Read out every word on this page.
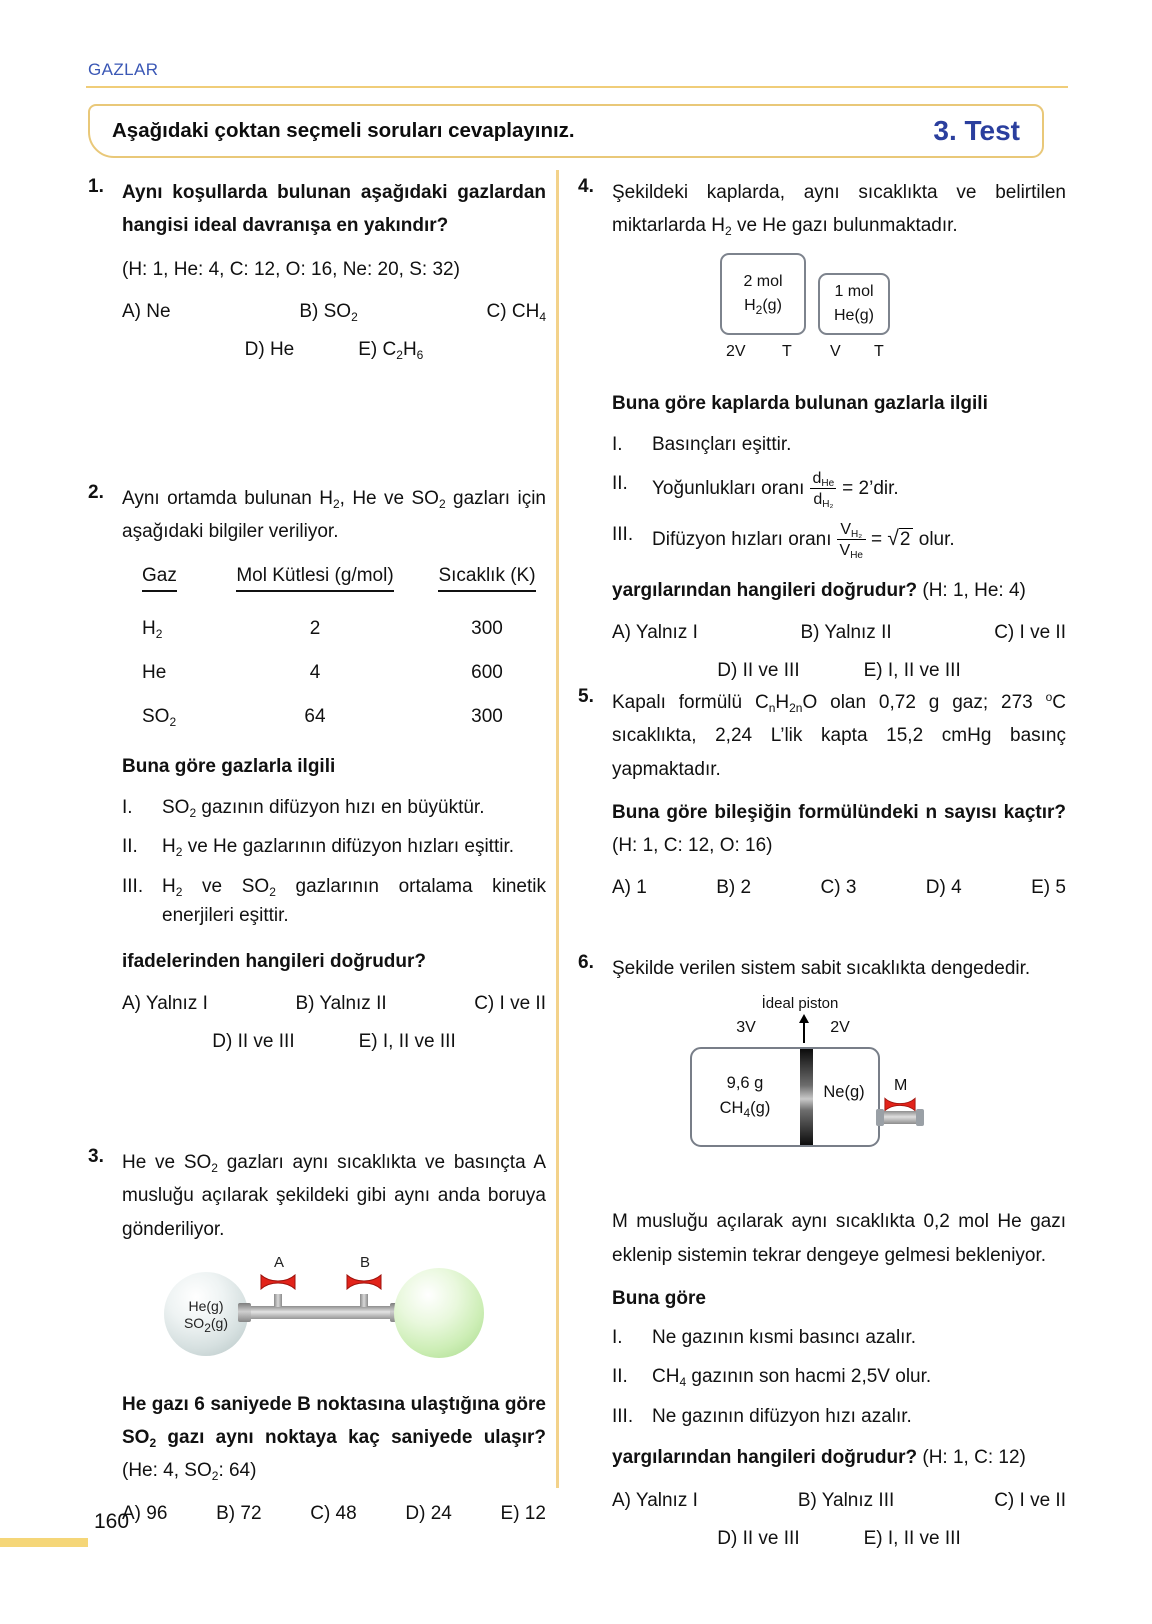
GAZLAR
Aşağıdaki çoktan seçmeli soruları cevaplayınız.	3. Test
1. Aynı koşullarda bulunan aşağıdaki gazlardan hangisi ideal davranışa en yakındır?

(H: 1, He: 4, C: 12, O: 16, Ne: 20, S: 32)

A) Ne	B) $SO_2$	C) $CH_4$
D) He	E) $C_2H_6$
2. Aynı ortamda bulunan $H_2$, He ve $SO_2$ gazları için aşağıdaki bilgiler veriliyor.

Gaz	Mol Kütlesi (g/mol)	Sıcaklık (K)
$H_2$	2	300
He	4	600
$SO_2$	64	300

Buna göre gazlarla ilgili

I.	$SO_2$ gazının difüzyon hızı en büyüktür.
II.	$H_2$ ve He gazlarının difüzyon hızları eşittir.
III. $H_2$ ve $SO_2$ gazlarının ortalama kinetik enerjileri eşittir.

ifadelerinden hangileri doğrudur?

A) Yalnız I	B) Yalnız II	C) I ve II
D) II ve III	E) I, II ve III
3. He ve $SO_2$ gazları aynı sıcaklıkta ve basınçta A musluğu açılarak şekildeki gibi aynı anda boruya gönderiliyor.

He(g)
$SO_2(g)$
A	B

He gazı 6 saniyede B noktasına ulaştığına göre $SO_2$ gazı aynı noktaya kaç saniyede ulaşır? (He: 4, $SO_2$: 64)

A) 96	B) 72	C) 48	D) 24	E) 12
4. Şekildeki kaplarda, aynı sıcaklıkta ve belirtilen miktarlarda $H_2$ ve He gazı bulunmaktadır.

2 mol
$H_2(g)$
1 mol
He(g)
2V T V T

Buna göre kaplarda bulunan gazlarla ilgili

I.	Basınçları eşittir.
II.	Yoğunlukları oranı $\frac{d_{He}}{d_{H_2}}$ = 2’dir.
III. Difüzyon hızları oranı $\frac{V_{H_2}}{V_{He}} = √2$ olur.

yargılarından hangileri doğrudur? (H: 1, He: 4)

A) Yalnız I	B) Yalnız II	C) I ve II
D) II ve III	E) I, II ve III
5. Kapalı formülü $C_nH_{2n}O$ olan 0,72 g gaz; 273 $^o$C sıcaklıkta, 2,24 L’lik kapta 15,2 cmHg basınç yapmaktadır.

Buna göre bileşiğin formülündeki n sayısı kaçtır? (H: 1, C: 12, O: 16)

A) 1	B) 2	C) 3	D) 4	E) 5
6. Şekilde verilen sistem sabit sıcaklıkta dengededir.

İdeal piston
3V	2V
9,6 g
$CH_4(g)$
Ne(g)	M

M musluğu açılarak aynı sıcaklıkta 0,2 mol He gazı eklenip sistemin tekrar dengeye gelmesi bekleniyor.

Buna göre

I.	Ne gazının kısmi basıncı azalır.
II.	$CH_4$ gazının son hacmi 2,5V olur.
III. Ne gazının difüzyon hızı azalır.

yargılarından hangileri doğrudur? (H: 1, C: 12)

A) Yalnız I	B) Yalnız III	C) I ve II
D) II ve III	E) I, II ve III
160
